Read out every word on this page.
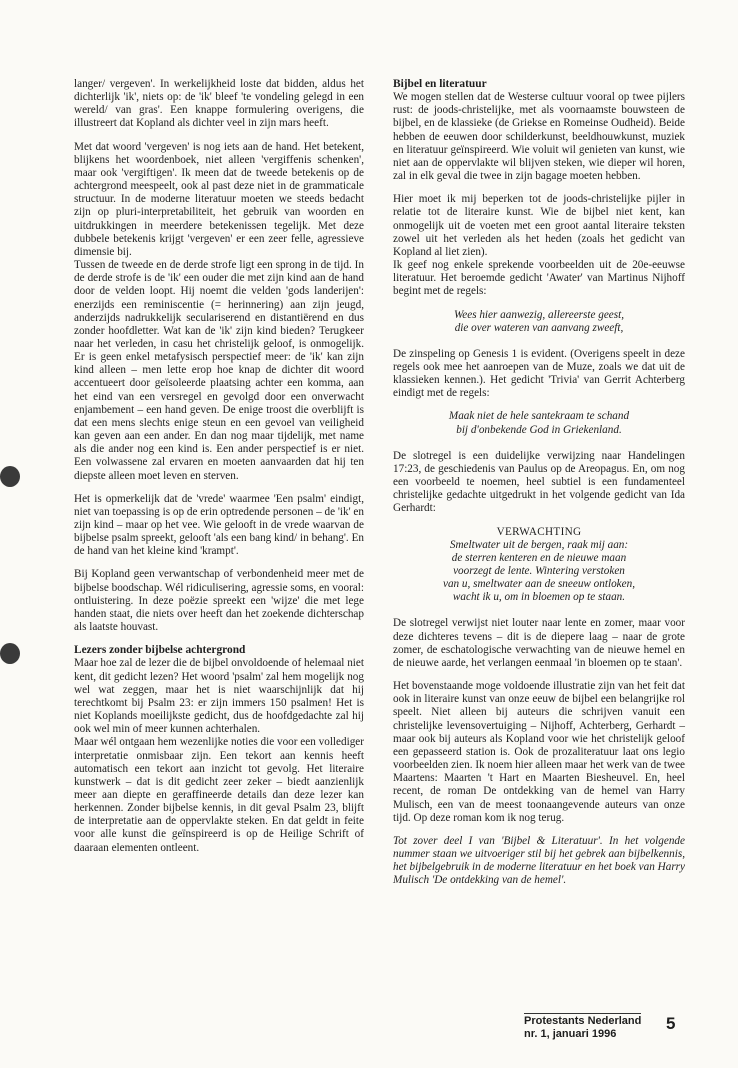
langer/ vergeven'. In werkelijkheid loste dat bidden, aldus het dichterlijk 'ik', niets op: de 'ik' bleef 'te vondeling gelegd in een wereld/ van gras'. Een knappe formulering overigens, die illustreert dat Kopland als dichter veel in zijn mars heeft.

Met dat woord 'vergeven' is nog iets aan de hand. Het betekent, blijkens het woordenboek, niet alleen 'vergiffenis schenken', maar ook 'vergiftigen'. Ik meen dat de tweede betekenis op de achtergrond meespeelt, ook al past deze niet in de grammaticale structuur. In de moderne literatuur moeten we steeds bedacht zijn op pluri-interpretabiliteit, het gebruik van woorden en uitdrukkingen in meerdere betekenissen tegelijk. Met deze dubbele betekenis krijgt 'vergeven' er een zeer felle, agressieve dimensie bij.

Tussen de tweede en de derde strofe ligt een sprong in de tijd. In de derde strofe is de 'ik' een ouder die met zijn kind aan de hand door de velden loopt. Hij noemt die velden 'gods landerijen': enerzijds een reminiscentie (= herinnering) aan zijn jeugd, anderzijds nadrukkelijk seculariserend en distantiërend en dus zonder hoofdletter. Wat kan de 'ik' zijn kind bieden? Terugkeer naar het verleden, in casu het christelijk geloof, is onmogelijk. Er is geen enkel metafysisch perspectief meer: de 'ik' kan zijn kind alleen – men lette erop hoe knap de dichter dit woord accentueert door geïsoleerde plaatsing achter een komma, aan het eind van een versregel en gevolgd door een onverwacht enjambement – een hand geven. De enige troost die overblijft is dat een mens slechts enige steun en een gevoel van veiligheid kan geven aan een ander. En dan nog maar tijdelijk, met name als die ander nog een kind is. Een ander perspectief is er niet. Een volwassene zal ervaren en moeten aanvaarden dat hij ten diepste alleen moet leven en sterven.

Het is opmerkelijk dat de 'vrede' waarmee 'Een psalm' eindigt, niet van toepassing is op de erin optredende personen – de 'ik' en zijn kind – maar op het vee. Wie gelooft in de vrede waarvan de bijbelse psalm spreekt, gelooft 'als een bang kind/ in behang'. En de hand van het kleine kind 'krampt'.

Bij Kopland geen verwantschap of verbondenheid meer met de bijbelse boodschap. Wél ridiculisering, agressie soms, en vooral: ontluistering. In deze poëzie spreekt een 'wijze' die met lege handen staat, die niets over heeft dan het zoekende dichterschap als laatste houvast.

Lezers zonder bijbelse achtergrond

Maar hoe zal de lezer die de bijbel onvoldoende of helemaal niet kent, dit gedicht lezen? Het woord 'psalm' zal hem mogelijk nog wel wat zeggen, maar het is niet waarschijnlijk dat hij terechtkomt bij Psalm 23: er zijn immers 150 psalmen! Het is niet Koplands moeilijkste gedicht, dus de hoofdgedachte zal hij ook wel min of meer kunnen achterhalen.

Maar wél ontgaan hem wezenlijke noties die voor een vollediger interpretatie onmisbaar zijn. Een tekort aan kennis heeft automatisch een tekort aan inzicht tot gevolg. Het literaire kunstwerk – dat is dit gedicht zeer zeker – biedt aanzienlijk meer aan diepte en geraffineerde details dan deze lezer kan herkennen. Zonder bijbelse kennis, in dit geval Psalm 23, blijft de interpretatie aan de oppervlakte steken. En dat geldt in feite voor alle kunst die geïnspireerd is op de Heilige Schrift of daaraan elementen ontleent.

Bijbel en literatuur

We mogen stellen dat de Westerse cultuur vooral op twee pijlers rust: de joods-christelijke, met als voornaamste bouwsteen de bijbel, en de klassieke (de Griekse en Romeinse Oudheid). Beide hebben de eeuwen door schilderkunst, beeldhouwkunst, muziek en literatuur geïnspireerd. Wie voluit wil genieten van kunst, wie niet aan de oppervlakte wil blijven steken, wie dieper wil horen, zal in elk geval die twee in zijn bagage moeten hebben.

Hier moet ik mij beperken tot de joods-christelijke pijler in relatie tot de literaire kunst. Wie de bijbel niet kent, kan onmogelijk uit de voeten met een groot aantal literaire teksten zowel uit het verleden als het heden (zoals het gedicht van Kopland al liet zien).

Ik geef nog enkele sprekende voorbeelden uit de 20e-eeuwse literatuur. Het beroemde gedicht 'Awater' van Martinus Nijhoff begint met de regels:

Wees hier aanwezig, allereerste geest,
die over wateren van aanvang zweeft,

De zinspeling op Genesis 1 is evident. (Overigens speelt in deze regels ook mee het aanroepen van de Muze, zoals we dat uit de klassieken kennen.). Het gedicht 'Trivia' van Gerrit Achterberg eindigt met de regels:

Maak niet de hele santekraam te schand
bij d'onbekende God in Griekenland.

De slotregel is een duidelijke verwijzing naar Handelingen 17:23, de geschiedenis van Paulus op de Areopagus. En, om nog een voorbeeld te noemen, heel subtiel is een fundamenteel christelijke gedachte uitgedrukt in het volgende gedicht van Ida Gerhardt:

VERWACHTING
Smeltwater uit de bergen, raak mij aan:
de sterren kenteren en de nieuwe maan
voorzegt de lente. Wintering verstoken
van u, smeltwater aan de sneeuw ontloken,
wacht ik u, om in bloemen op te staan.

De slotregel verwijst niet louter naar lente en zomer, maar voor deze dichteres tevens – dit is de diepere laag – naar de grote zomer, de eschatologische verwachting van de nieuwe hemel en de nieuwe aarde, het verlangen eenmaal 'in bloemen op te staan'.

Het bovenstaande moge voldoende illustratie zijn van het feit dat ook in literaire kunst van onze eeuw de bijbel een belangrijke rol speelt. Niet alleen bij auteurs die schrijven vanuit een christelijke levensovertuiging – Nijhoff, Achterberg, Gerhardt – maar ook bij auteurs als Kopland voor wie het christelijk geloof een gepasseerd station is. Ook de prozaliteratuur laat ons legio voorbeelden zien. Ik noem hier alleen maar het werk van de twee Maartens: Maarten 't Hart en Maarten Biesheuvel. En, heel recent, de roman De ontdekking van de hemel van Harry Mulisch, een van de meest toonaangevende auteurs van onze tijd. Op deze roman kom ik nog terug.

Tot zover deel I van 'Bijbel & Literatuur'. In het volgende nummer staan we uitvoeriger stil bij het gebrek aan bijbelkennis, het bijbelgebruik in de moderne literatuur en het boek van Harry Mulisch 'De ontdekking van de hemel'.

Protestants Nederland
nr. 1, januari 1996
5
